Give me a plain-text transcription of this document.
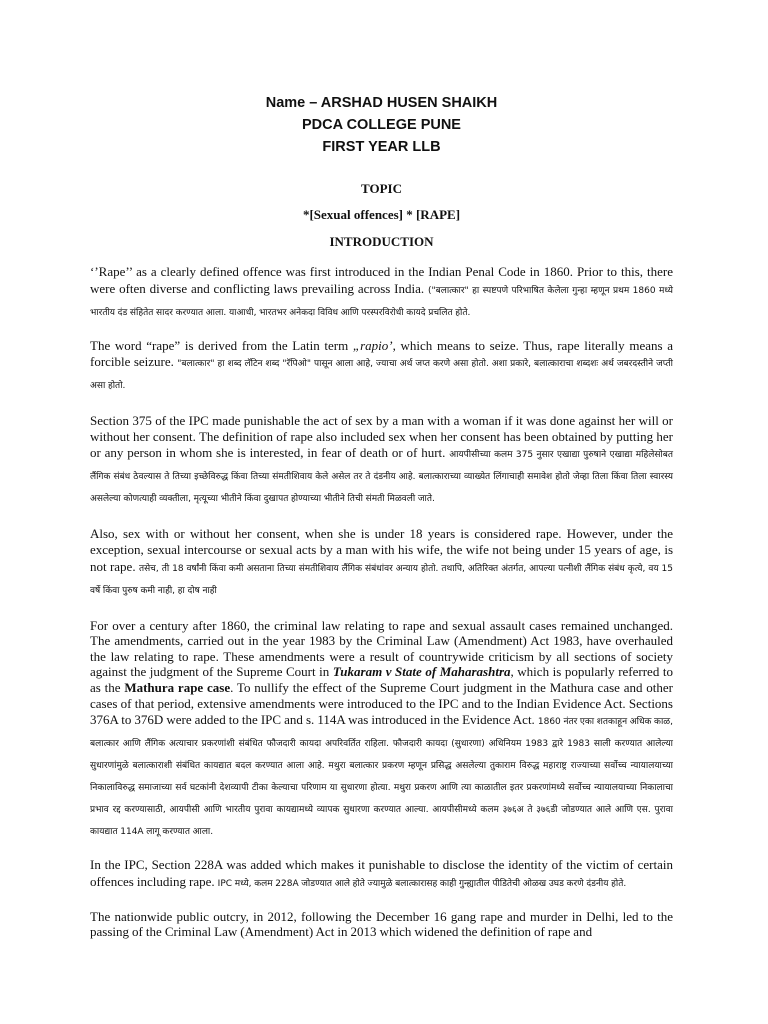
Name – ARSHAD HUSEN SHAIKH

PDCA COLLEGE PUNE

FIRST YEAR LLB

TOPIC

*[Sexual offences] * [RAPE]

INTRODUCTION

‘’Rape’’ as a clearly defined offence was first introduced in the Indian Penal Code in 1860. Prior to this, there were often diverse and conflicting laws prevailing across India. ("बलात्कार" हा स्पष्टपणे परिभाषित केलेला गुन्हा म्हणून प्रथम 1860 मध्ये भारतीय दंड संहितेत सादर करण्यात आला. याआधी, भारतभर अनेकदा विविध आणि परस्परविरोधी कायदे प्रचलित होते.

The word “rape” is derived from the Latin term „rapio’, which means to seize. Thus, rape literally means a forcible seizure. "बलात्कार" हा शब्द लॅटिन शब्द "रॅपिओ" पासून आला आहे, ज्याचा अर्थ जप्त करणे असा होतो. अशा प्रकारे, बलात्काराचा शब्दशः अर्थ जबरदस्तीने जप्ती असा होतो.

Section 375 of the IPC made punishable the act of sex by a man with a woman if it was done against her will or without her consent. The definition of rape also included sex when her consent has been obtained by putting her or any person in whom she is interested, in fear of death or of hurt. आयपीसीच्या कलम 375 नुसार एखाद्या पुरुषाने एखाद्या महिलेसोबत लैंगिक संबंध ठेवल्यास ते तिच्या इच्छेविरुद्ध किंवा तिच्या संमतीशिवाय केले असेल तर ते दंडनीय आहे. बलात्काराच्या व्याख्येत लिंगाचाही समावेश होतो जेव्हा तिला किंवा तिला स्वारस्य असलेल्या कोणत्याही व्यक्तीला, मृत्यूच्या भीतीने किंवा दुखापत होण्याच्या भीतीने तिची संमती मिळवली जाते.

Also, sex with or without her consent, when she is under 18 years is considered rape. However, under the exception, sexual intercourse or sexual acts by a man with his wife, the wife not being under 15 years of age, is not rape. तसेच, ती 18 वर्षांनी किंवा कमी असताना तिच्या संमतीशिवाय लैंगिक संबंधांवर अन्याय होतो. तथापि, अतिरिक्त अंतर्गत, आपल्या पत्नीशी लैंगिक संबंध कृत्ये, वय 15 वर्षे किंवा पुरुष कमी नाही, हा दोष नाही

For over a century after 1860, the criminal law relating to rape and sexual assault cases remained unchanged. The amendments, carried out in the year 1983 by the Criminal Law (Amendment) Act 1983, have overhauled the law relating to rape. These amendments were a result of countrywide criticism by all sections of society against the judgment of the Supreme Court in Tukaram v State of Maharashtra, which is popularly referred to as the Mathura rape case. To nullify the effect of the Supreme Court judgment in the Mathura case and other cases of that period, extensive amendments were introduced to the IPC and to the Indian Evidence Act. Sections 376A to 376D were added to the IPC and s. 114A was introduced in the Evidence Act. 1860 नंतर एका शतकाहून अधिक काळ, बलात्कार आणि लैंगिक अत्याचार प्रकरणांशी संबंधित फौजदारी कायदा अपरिवर्तित राहिला. फौजदारी कायदा (सुधारणा) अधिनियम 1983 द्वारे 1983 साली करण्यात आलेल्या सुधारणांमुळे बलात्काराशी संबंधित कायद्यात बदल करण्यात आला आहे. मथुरा बलात्कार प्रकरण म्हणून प्रसिद्ध असलेल्या तुकाराम विरुद्ध महाराष्ट्र राज्याच्या सर्वोच्च न्यायालयाच्या निकालाविरुद्ध समाजाच्या सर्व घटकांनी देशव्यापी टीका केल्याचा परिणाम या सुधारणा होत्या. मथुरा प्रकरण आणि त्या काळातील इतर प्रकरणांमध्ये सर्वोच्च न्यायालयाच्या निकालाचा प्रभाव रद्द करण्यासाठी, आयपीसी आणि भारतीय पुरावा कायद्यामध्ये व्यापक सुधारणा करण्यात आल्या. आयपीसीमध्ये कलम ३७६अ ते ३७६डी जोडण्यात आले आणि एस. पुरावा कायद्यात 114A लागू करण्यात आला.

In the IPC, Section 228A was added which makes it punishable to disclose the identity of the victim of certain offences including rape. IPC मध्ये, कलम 228A जोडण्यात आले होते ज्यामुळे बलात्कारासह काही गुन्ह्यातील पीडितेची ओळख उघड करणे दंडनीय होते.

The nationwide public outcry, in 2012, following the December 16 gang rape and murder in Delhi, led to the passing of the Criminal Law (Amendment) Act in 2013 which widened the definition of rape and
